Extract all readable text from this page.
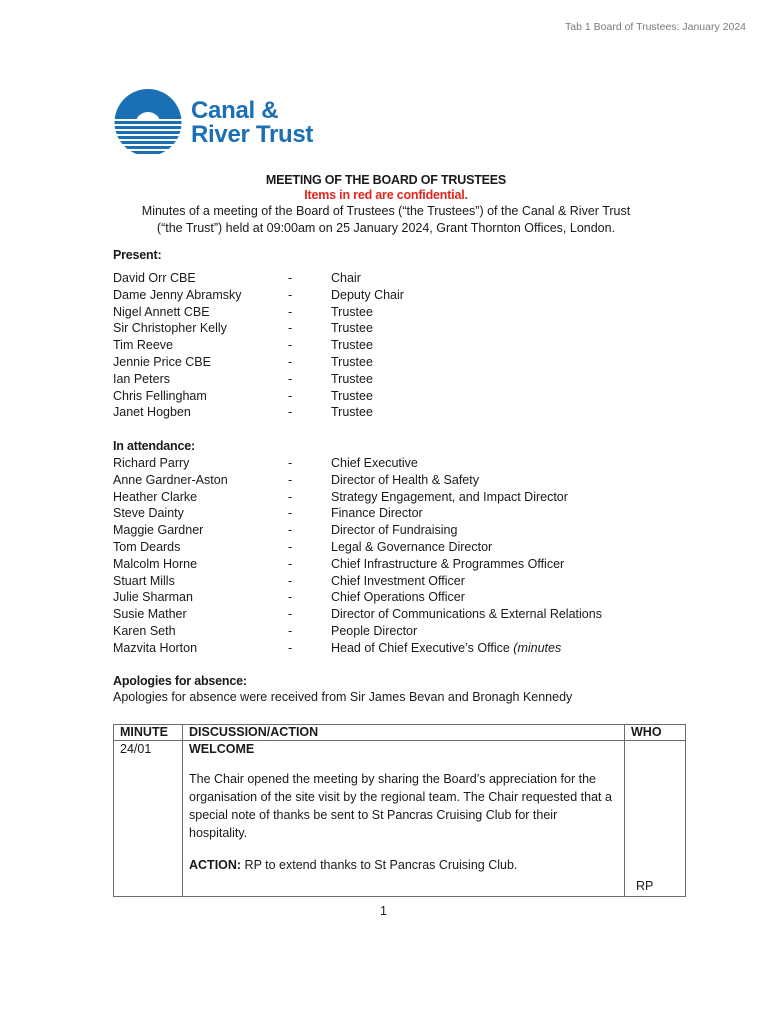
Tab 1 Board of Trustees: January 2024
Canal &
River Trust
MEETING OF THE BOARD OF TRUSTEES
Items in red are confidential.
Minutes of a meeting of the Board of Trustees (“the Trustees”) of the Canal & River Trust
(“the Trust”) held at 09:00am on 25 January 2024, Grant Thornton Offices, London.
Present:
David Orr CBE	-	Chair
Dame Jenny Abramsky	-	Deputy Chair
Nigel Annett CBE	-	Trustee
Sir Christopher Kelly	-	Trustee
Tim Reeve	-	Trustee
Jennie Price CBE	-	Trustee
Ian Peters	-	Trustee
Chris Fellingham	-	Trustee
Janet Hogben	-	Trustee
In attendance:
Richard Parry	-	Chief Executive
Anne Gardner-Aston	-	Director of Health & Safety
Heather Clarke	-	Strategy Engagement, and Impact Director
Steve Dainty	-	Finance Director
Maggie Gardner	-	Director of Fundraising
Tom Deards	-	Legal & Governance Director
Malcolm Horne	-	Chief Infrastructure & Programmes Officer
Stuart Mills	-	Chief Investment Officer
Julie Sharman	-	Chief Operations Officer
Susie Mather	-	Director of Communications & External Relations
Karen Seth	-	People Director
Mazvita Horton	-	Head of Chief Executive’s Office (minutes
Apologies for absence:
Apologies for absence were received from Sir James Bevan and Bronagh Kennedy
MINUTE	DISCUSSION/ACTION	WHO

24/01	WELCOME
The Chair opened the meeting by sharing the Board’s appreciation for the organisation of the site visit by the regional team. The Chair requested that a special note of thanks be sent to St Pancras Cruising Club for their hospitality.
ACTION: RP to extend thanks to St Pancras Cruising Club.	RP
1
